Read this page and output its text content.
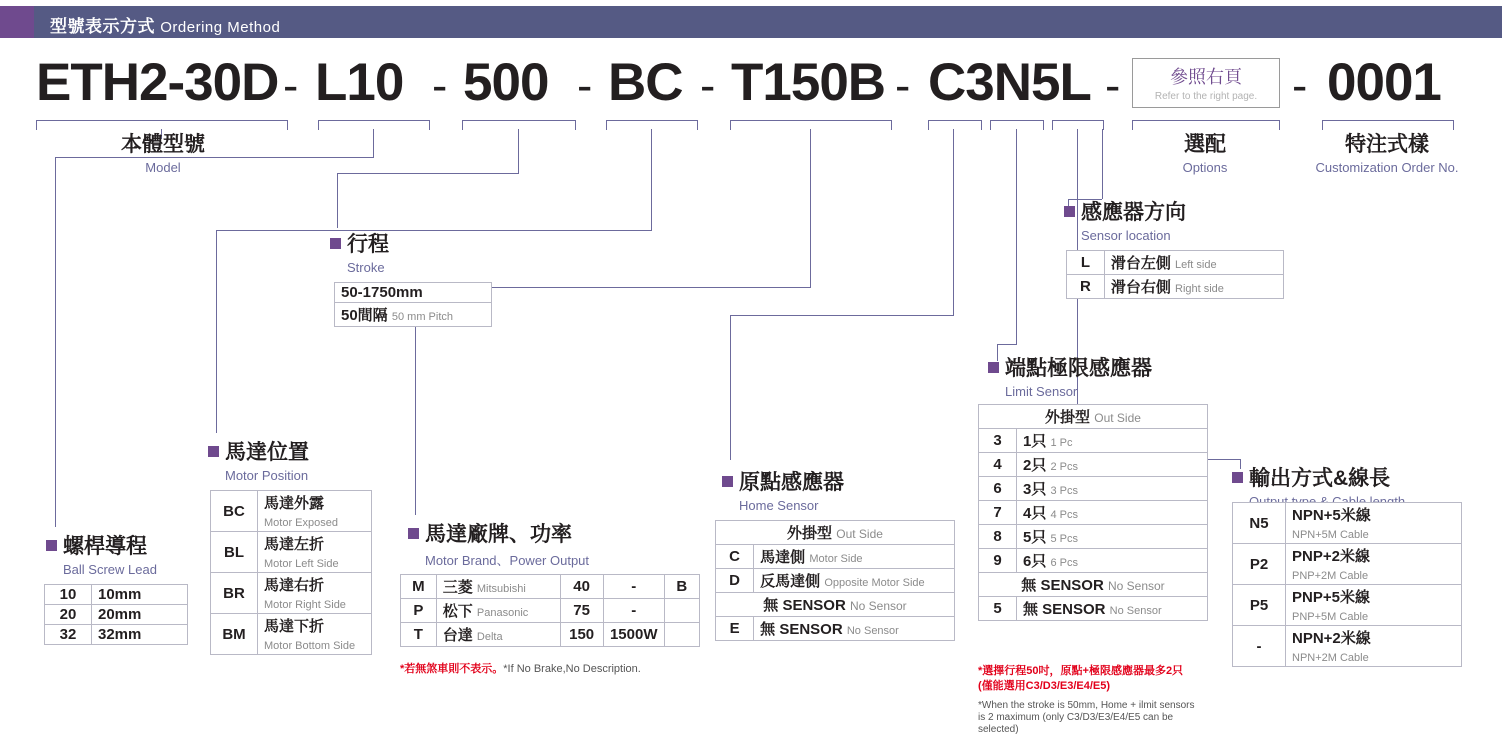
型號表示方式 Ordering Method
ETH2-30D - L10 - 500 - BC - T150B - C3N5L -	- 0001
參照右頁
Refer to the right page.
本體型號
Model
行程
Stroke
50-1750mm
50間隔 50 mm Pitch
選配
Options
特注式樣
Customization Order No.
感應器方向
Sensor location
L	滑台左側 Left side
R	滑台右側 Right side
端點極限感應器
Limit Sensor
外掛型 Out Side	
3	1只 1 Pc
4	2只 2 Pcs
6	3只 3 Pcs
7	4只 4 Pcs
8	5只 5 Pcs
9	6只 6 Pcs
無 SENSOR No Sensor	
5	無 SENSOR No Sensor
*選擇行程50吋，原點+極限感應器最多2只 (僅能選用C3/D3/E3/E4/E5)
*When the stroke is 50mm, Home + ilmit sensors is 2 maximum (only C3/D3/E3/E4/E5 can be selected)
原點感應器
Home Sensor
外掛型 Out Side	
C	馬達側 Motor Side
D	反馬達側 Opposite Motor Side
無 SENSOR No Sensor	
E	無 SENSOR No Sensor
馬達位置
Motor Position
BC	馬達外露
Motor Exposed
BL	馬達左折
Motor Left Side
BR	馬達右折
Motor Right Side
BM	馬達下折
Motor Bottom Side
馬達廠牌、功率
Motor Brand、Power Output
M	三菱 Mitsubishi	40	-	B
P	松下 Panasonic	75	-	
T	台達 Delta	150	1500W	
*若無煞車則不表示。*If No Brake,No Description.
螺桿導程
Ball Screw Lead
10	10mm
20	20mm
32	32mm
輸出方式&線長
N5	NPN+5米線
NPN+5M Cable
P2	PNP+2米線
PNP+2M Cable
P5	PNP+5米線
PNP+5M Cable
-	NPN+2米線
NPN+2M Cable
